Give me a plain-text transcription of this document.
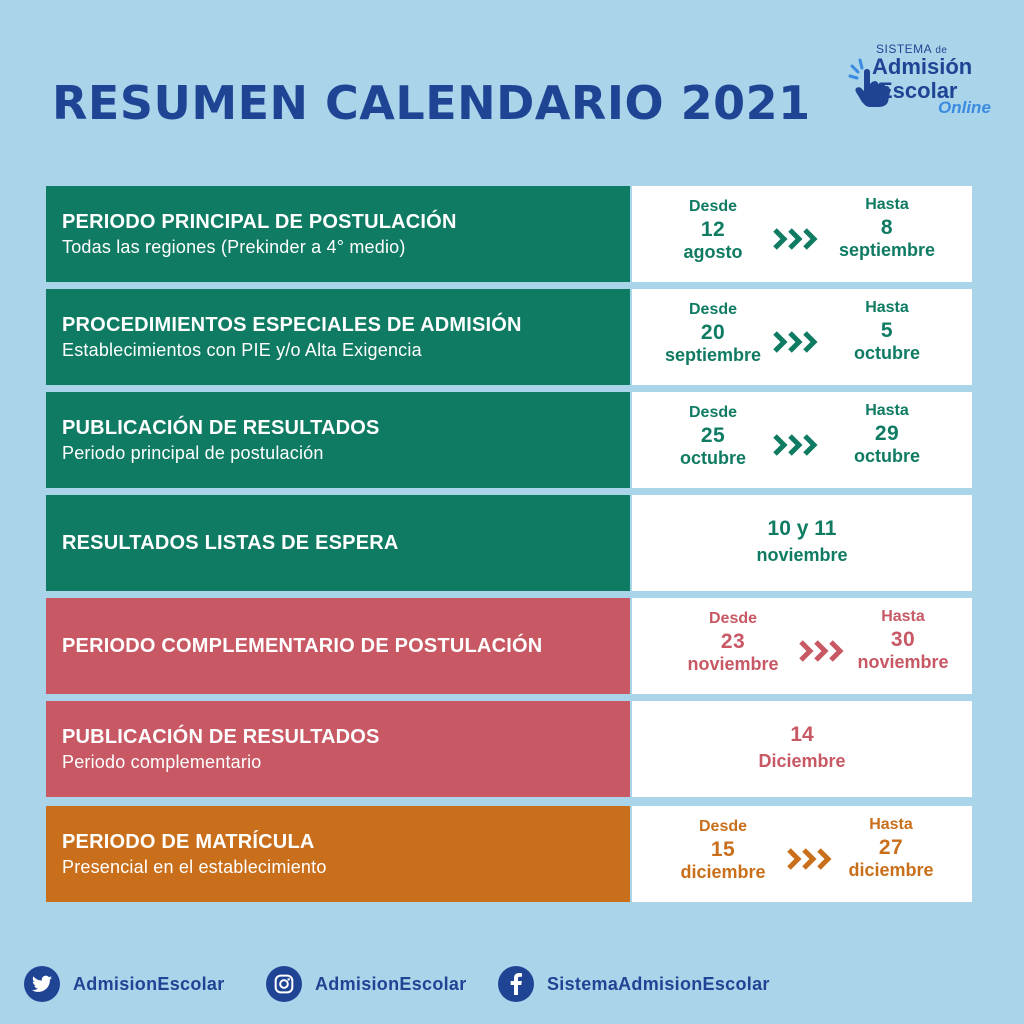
RESUMEN CALENDARIO 2021
SISTEMA de
Admisión
Escolar
Online
PERIODO PRINCIPAL DE POSTULACIÓN
Todas las regiones (Prekinder a 4° medio)
Desde
12
agosto
Hasta
8
septiembre
PROCEDIMIENTOS ESPECIALES DE ADMISIÓN
Establecimientos con PIE y/o Alta Exigencia
Desde
20
septiembre
Hasta
5
octubre
PUBLICACIÓN DE RESULTADOS
Periodo principal de postulación
Desde
25
octubre
Hasta
29
octubre
RESULTADOS LISTAS DE ESPERA
10 y 11
noviembre
PERIODO COMPLEMENTARIO DE POSTULACIÓN
Desde
23
noviembre
Hasta
30
noviembre
PUBLICACIÓN DE RESULTADOS
Periodo complementario
14
Diciembre
PERIODO DE MATRÍCULA
Presencial en el establecimiento
Desde
15
diciembre
Hasta
27
diciembre
AdmisionEscolar	AdmisionEscolar	SistemaAdmisionEscolar
